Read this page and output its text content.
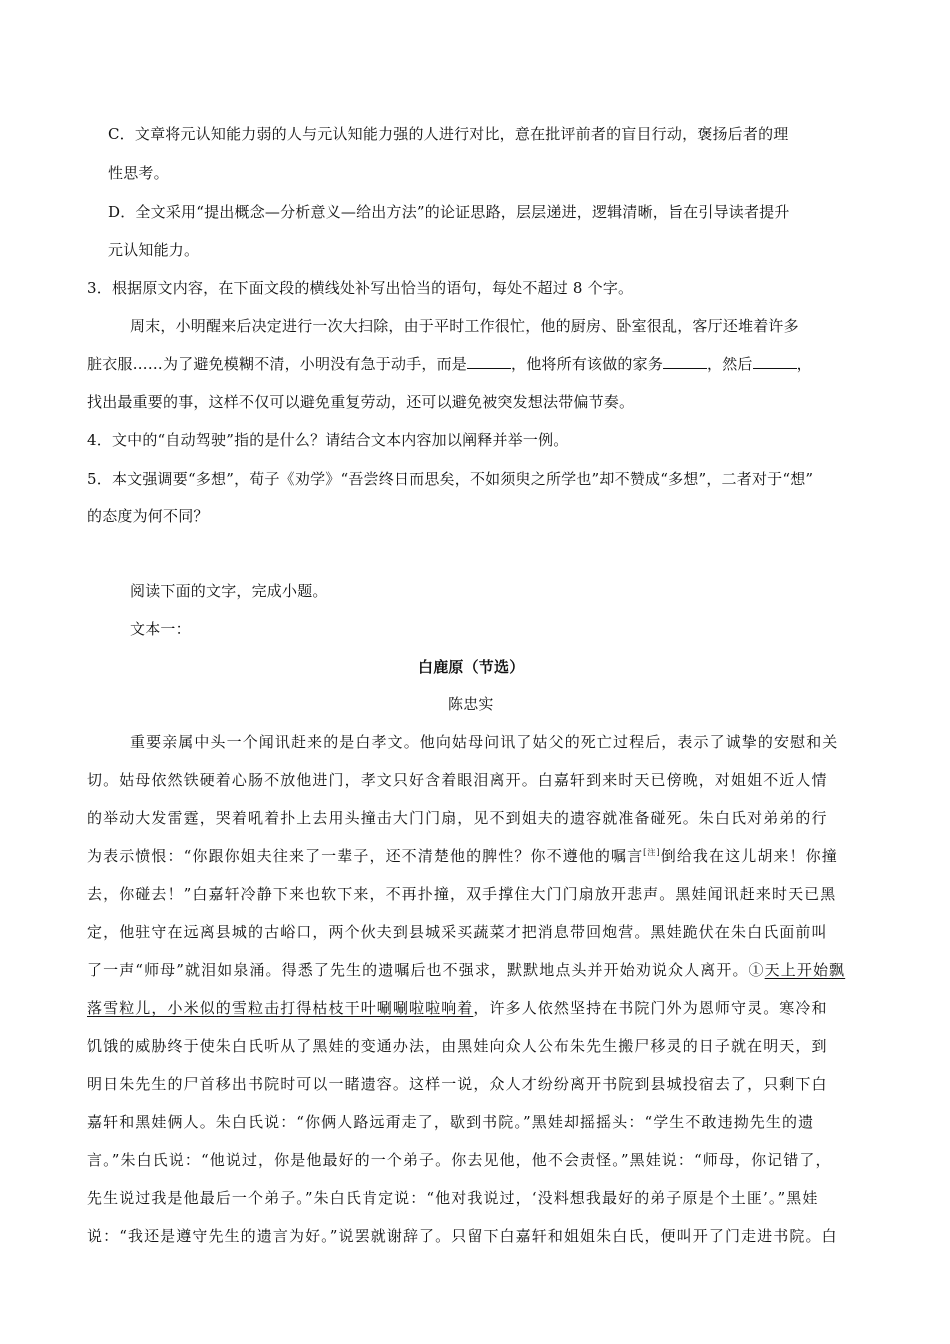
C．文章将元认知能力弱的人与元认知能力强的人进行对比，意在批评前者的盲目行动，褒扬后者的理
性思考。
D．全文采用“提出概念—分析意义—给出方法”的论证思路，层层递进，逻辑清晰，旨在引导读者提升
元认知能力。
3．根据原文内容，在下面文段的横线处补写出恰当的语句，每处不超过 8 个字。
周末，小明醒来后决定进行一次大扫除，由于平时工作很忙，他的厨房、卧室很乱，客厅还堆着许多
脏衣服……为了避免模糊不清，小明没有急于动手，而是	，他将所有该做的家务	，然后	，
找出最重要的事，这样不仅可以避免重复劳动，还可以避免被突发想法带偏节奏。
4．文中的“自动驾驶”指的是什么？请结合文本内容加以阐释并举一例。
5．本文强调要“多想”，荀子《劝学》“吾尝终日而思矣，不如须臾之所学也”却不赞成“多想”，二者对于“想”
的态度为何不同？
阅读下面的文字，完成小题。
文本一：
白鹿原（节选）
陈忠实
重要亲属中头一个闻讯赶来的是白孝文。他向姑母问讯了姑父的死亡过程后，表示了诚挚的安慰和关
切。姑母依然铁硬着心肠不放他进门，孝文只好含着眼泪离开。白嘉轩到来时天已傍晚，对姐姐不近人情
的举动大发雷霆，哭着吼着扑上去用头撞击大门门扇，见不到姐夫的遗容就准备碰死。朱白氏对弟弟的行
为表示愤恨：“你跟你姐夫往来了一辈子，还不清楚他的脾性？你不遵他的嘱言[注]倒给我在这儿胡来！你撞
去，你碰去！”白嘉轩冷静下来也软下来，不再扑撞，双手撑住大门门扇放开悲声。黑娃闻讯赶来时天已黑
定，他驻守在远离县城的古峪口，两个伙夫到县城采买蔬菜才把消息带回炮营。黑娃跪伏在朱白氏面前叫
了一声“师母”就泪如泉涌。得悉了先生的遗嘱后也不强求，默默地点头并开始劝说众人离开。①天上开始飘
落雪粒儿，小米似的雪粒击打得枯枝干叶唰唰啦啦响着，许多人依然坚持在书院门外为恩师守灵。寒冷和
饥饿的威胁终于使朱白氏听从了黑娃的变通办法，由黑娃向众人公布朱先生搬尸移灵的日子就在明天，到
明日朱先生的尸首移出书院时可以一睹遗容。这样一说，众人才纷纷离开书院到县城投宿去了，只剩下白
嘉轩和黑娃俩人。朱白氏说：“你俩人路远甭走了，歇到书院。”黑娃却摇摇头：“学生不敢违拗先生的遗
言。”朱白氏说：“他说过，你是他最好的一个弟子。你去见他，他不会责怪。”黑娃说：“师母，你记错了，
先生说过我是他最后一个弟子。”朱白氏肯定说：“他对我说过，‘没料想我最好的弟子原是个土匪’。”黑娃
说：“我还是遵守先生的遗言为好。”说罢就谢辞了。只留下白嘉轩和姐姐朱白氏，便叫开了门走进书院。白
